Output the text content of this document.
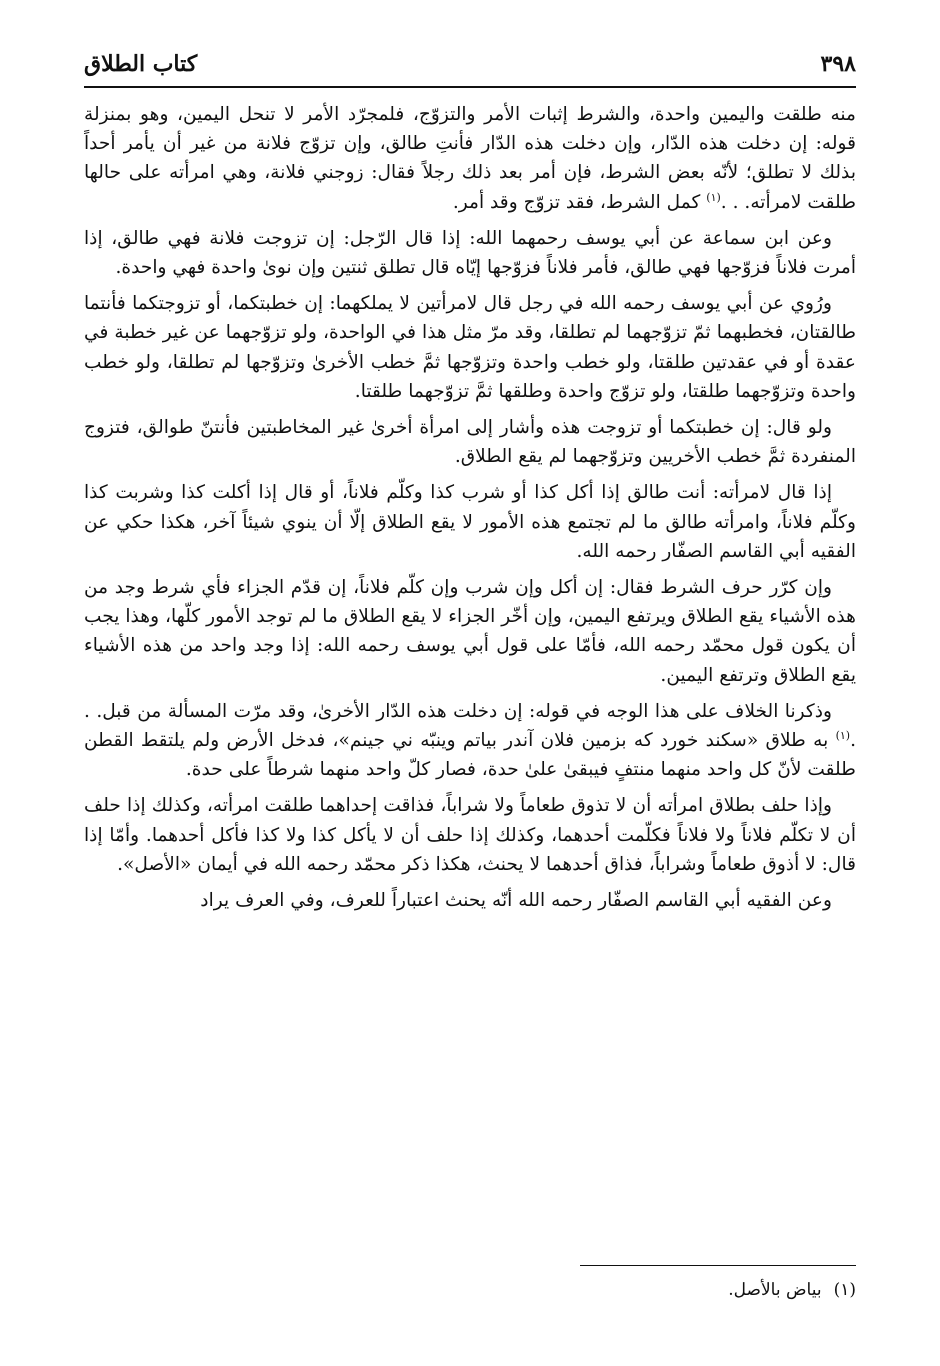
٣٩٨
كتاب الطلاق

منه طلقت واليمين واحدة، والشرط إثبات الأمر والتزوّج، فلمجرّد الأمر لا تنحل اليمين، وهو بمنزلة قوله: إن دخلت هذه الدّار، وإن دخلت هذه الدّار فأنتِ طالق، وإن تزوّج فلانة من غير أن يأمر أحداً بذلك لا تطلق؛ لأنّه بعض الشرط، فإن أمر بعد ذلك رجلاً فقال: زوجني فلانة، وهي امرأته على حالها طلقت لامرأته. . .$^{(١)}$ كمل الشرط، فقد تزوّج وقد أمر.

وعن ابن سماعة عن أبي يوسف رحمهما الله: إذا قال الرّجل: إن تزوجت فلانة فهي طالق، إذا أمرت فلاناً فزوّجها فهي طالق، فأمر فلاناً فزوّجها إيّاه قال تطلق ثنتين وإن نوىٰ واحدة فهي واحدة.

ورُوي عن أبي يوسف رحمه الله في رجل قال لامرأتين لا يملكهما: إن خطبتكما، أو تزوجتكما فأنتما طالقتان، فخطبهما ثمّ تزوّجهما لم تطلقا، وقد مرّ مثل هذا في الواحدة، ولو تزوّجهما عن غير خطبة في عقدة أو في عقدتين طلقتا، ولو خطب واحدة وتزوّجها ثمَّ خطب الأخرىٰ وتزوّجها لم تطلقا، ولو خطب واحدة وتزوّجهما طلقتا، ولو تزوّج واحدة وطلقها ثمَّ تزوّجهما طلقتا.

ولو قال: إن خطبتكما أو تزوجت هذه وأشار إلى امرأة أخرىٰ غير المخاطبتين فأنتنّ طوالق، فتزوج المنفردة ثمَّ خطب الأخريين وتزوّجهما لم يقع الطلاق.

إذا قال لامرأته: أنت طالق إذا أكل كذا أو شرب كذا وكلّم فلاناً، أو قال إذا أكلت كذا وشربت كذا وكلّم فلاناً، وامرأته طالق ما لم تجتمع هذه الأمور لا يقع الطلاق إلّا أن ينوي شيئاً آخر، هكذا حكي عن الفقيه أبي القاسم الصفّار رحمه الله.

وإن كرّر حرف الشرط فقال: إن أكل وإن شرب وإن كلّم فلاناً، إن قدّم الجزاء فأي شرط وجد من هذه الأشياء يقع الطلاق ويرتفع اليمين، وإن أخّر الجزاء لا يقع الطلاق ما لم توجد الأمور كلّها، وهذا يجب أن يكون قول محمّد رحمه الله، فأمّا على قول أبي يوسف رحمه الله: إذا وجد واحد من هذه الأشياء يقع الطلاق وترتفع اليمين.

وذكرنا الخلاف على هذا الوجه في قوله: إن دخلت هذه الدّار الأخرىٰ، وقد مرّت المسألة من قبل. . .$^{(١)}$ به طلاق «سكند خورد كه بزمين فلان آندر بياتم وينبّه ني جينم»، فدخل الأرض ولم يلتقط القطن طلقت لأنّ كل واحد منهما منتفٍ فيبقىٰ علىٰ حدة، فصار كلّ واحد منهما شرطاً على حدة.

وإذا حلف بطلاق امرأته أن لا تذوق طعاماً ولا شراباً، فذاقت إحداهما طلقت امرأته، وكذلك إذا حلف أن لا تكلّم فلاناً ولا فلاناً فكلّمت أحدهما، وكذلك إذا حلف أن لا يأكل كذا ولا كذا فأكل أحدهما. وأمّا إذا قال: لا أذوق طعاماً وشراباً، فذاق أحدهما لا يحنث، هكذا ذكر محمّد رحمه الله في أيمان «الأصل».

وعن الفقيه أبي القاسم الصفّار رحمه الله أنّه يحنث اعتباراً للعرف، وفي العرف يراد

(١)بياض بالأصل.
